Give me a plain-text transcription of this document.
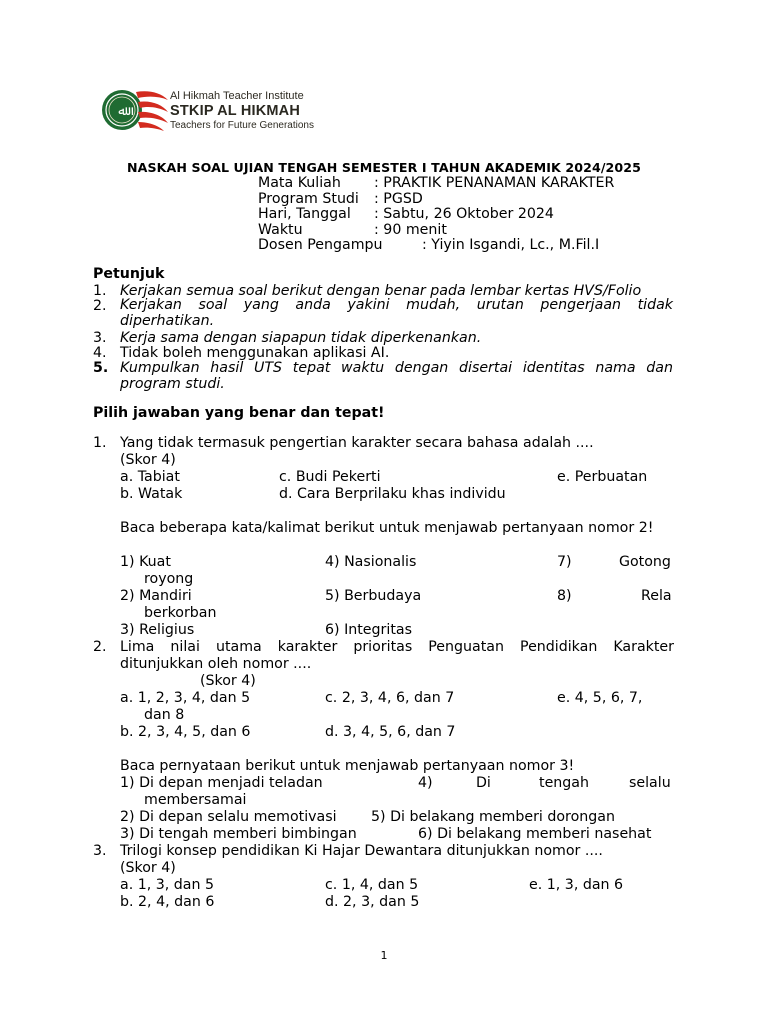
ﷲ
Al Hikmah Teacher Institute
STKIP AL HIKMAH
Teachers for Future Generations
NASKAH SOAL UJIAN TENGAH SEMESTER I TAHUN AKADEMIK 2024/2025
Mata Kuliah : PRAKTIK PENANAMAN KARAKTER
Program Studi : PGSD
Hari, Tanggal : Sabtu, 26 Oktober 2024
Waktu	: 90 menit
Dosen Pengampu	: Yiyin Isgandi, Lc., M.Fil.I
Petunjuk
1. Kerjakan semua soal berikut dengan benar pada lembar kertas HVS/Folio
2. Kerjakan soal yang anda yakini mudah, urutan pengerjaan tidak diperhatikan.
3. Kerja sama dengan siapapun tidak diperkenankan.
4. Tidak boleh menggunakan aplikasi AI.
5. Kumpulkan hasil UTS tepat waktu dengan disertai identitas nama dan program studi.
Pilih jawaban yang benar dan tepat!
1. Yang tidak termasuk pengertian karakter secara bahasa adalah ....
(Skor 4)
a. Tabiat	c. Budi Pekerti	e. Perbuatan
b. Watak	d. Cara Berprilaku khas individu
Baca beberapa kata/kalimat berikut untuk menjawab pertanyaan nomor 2!
1) Kuat	4) Nasionalis	7)	Gotong
royong
2) Mandiri	5) Berbudaya	8)	Rela
berkorban
3) Religius	6) Integritas
2. Lima nilai utama karakter prioritas Penguatan Pendidikan Karakter ditunjukkan oleh nomor ....
(Skor 4)
a. 1, 2, 3, 4, dan 5	c. 2, 3, 4, 6, dan 7	e. 4, 5, 6, 7,
dan 8
b. 2, 3, 4, 5, dan 6	d. 3, 4, 5, 6, dan 7
Baca pernyataan berikut untuk menjawab pertanyaan nomor 3!
1) Di depan menjadi teladan	4)	Di	tengah	selalu
membersamai
2) Di depan selalu memotivasi 5) Di belakang memberi dorongan
3) Di tengah memberi bimbingan	6) Di belakang memberi nasehat
3. Trilogi konsep pendidikan Ki Hajar Dewantara ditunjukkan nomor ....
(Skor 4)
a. 1, 3, dan 5	c. 1, 4, dan 5	e. 1, 3, dan 6
b. 2, 4, dan 6	d. 2, 3, dan 5
1
